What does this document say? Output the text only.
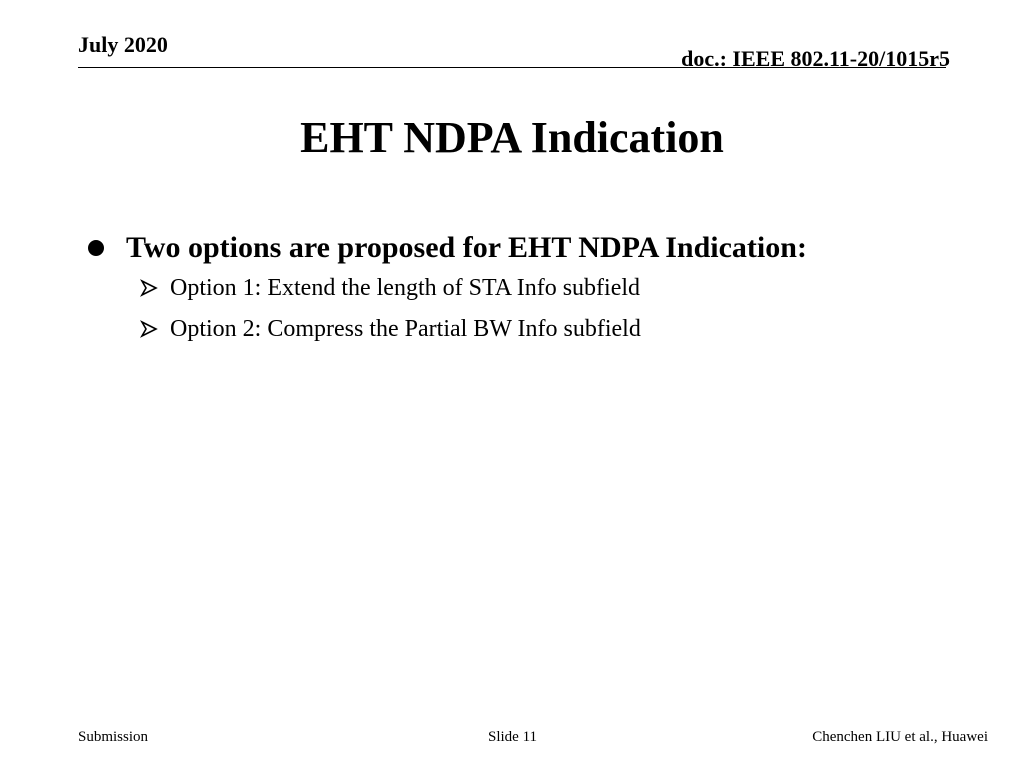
July 2020
doc.: IEEE 802.11-20/1015r5
EHT NDPA Indication
Two options are proposed for EHT NDPA Indication:
Option 1: Extend the length of STA Info subfield
Option 2: Compress the Partial BW Info subfield
Submission	Slide 11	Chenchen LIU et al., Huawei
